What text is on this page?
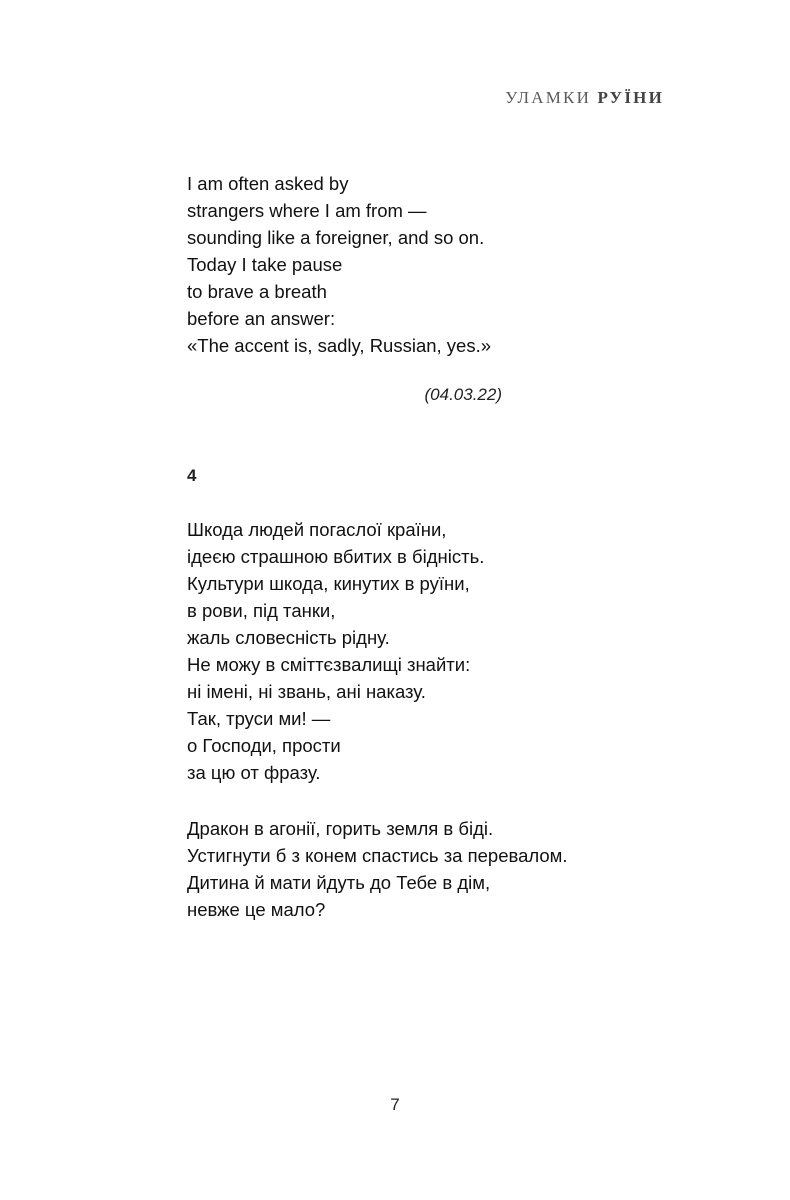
УЛАМКИ РУЇНИ
I am often asked by
strangers where I am from —
sounding like a foreigner, and so on.
Today I take pause
to brave a breath
before an answer:
«The accent is, sadly, Russian, yes.»
(04.03.22)
4
Шкода людей погаслої країни,
ідеєю страшною вбитих в бідність.
Культури шкода, кинутих в руїни,
в рови, під танки,
жаль словесність рідну.
Не можу в сміттєзвалищі знайти:
ні імені, ні звань, ані наказу.
Так, труси ми! —
о Господи, прости
за цю от фразу.
Дракон в агонії, горить земля в біді.
Устигнути б з конем спастись за перевалом.
Дитина й мати йдуть до Тебе в дім,
невже це мало?
7
